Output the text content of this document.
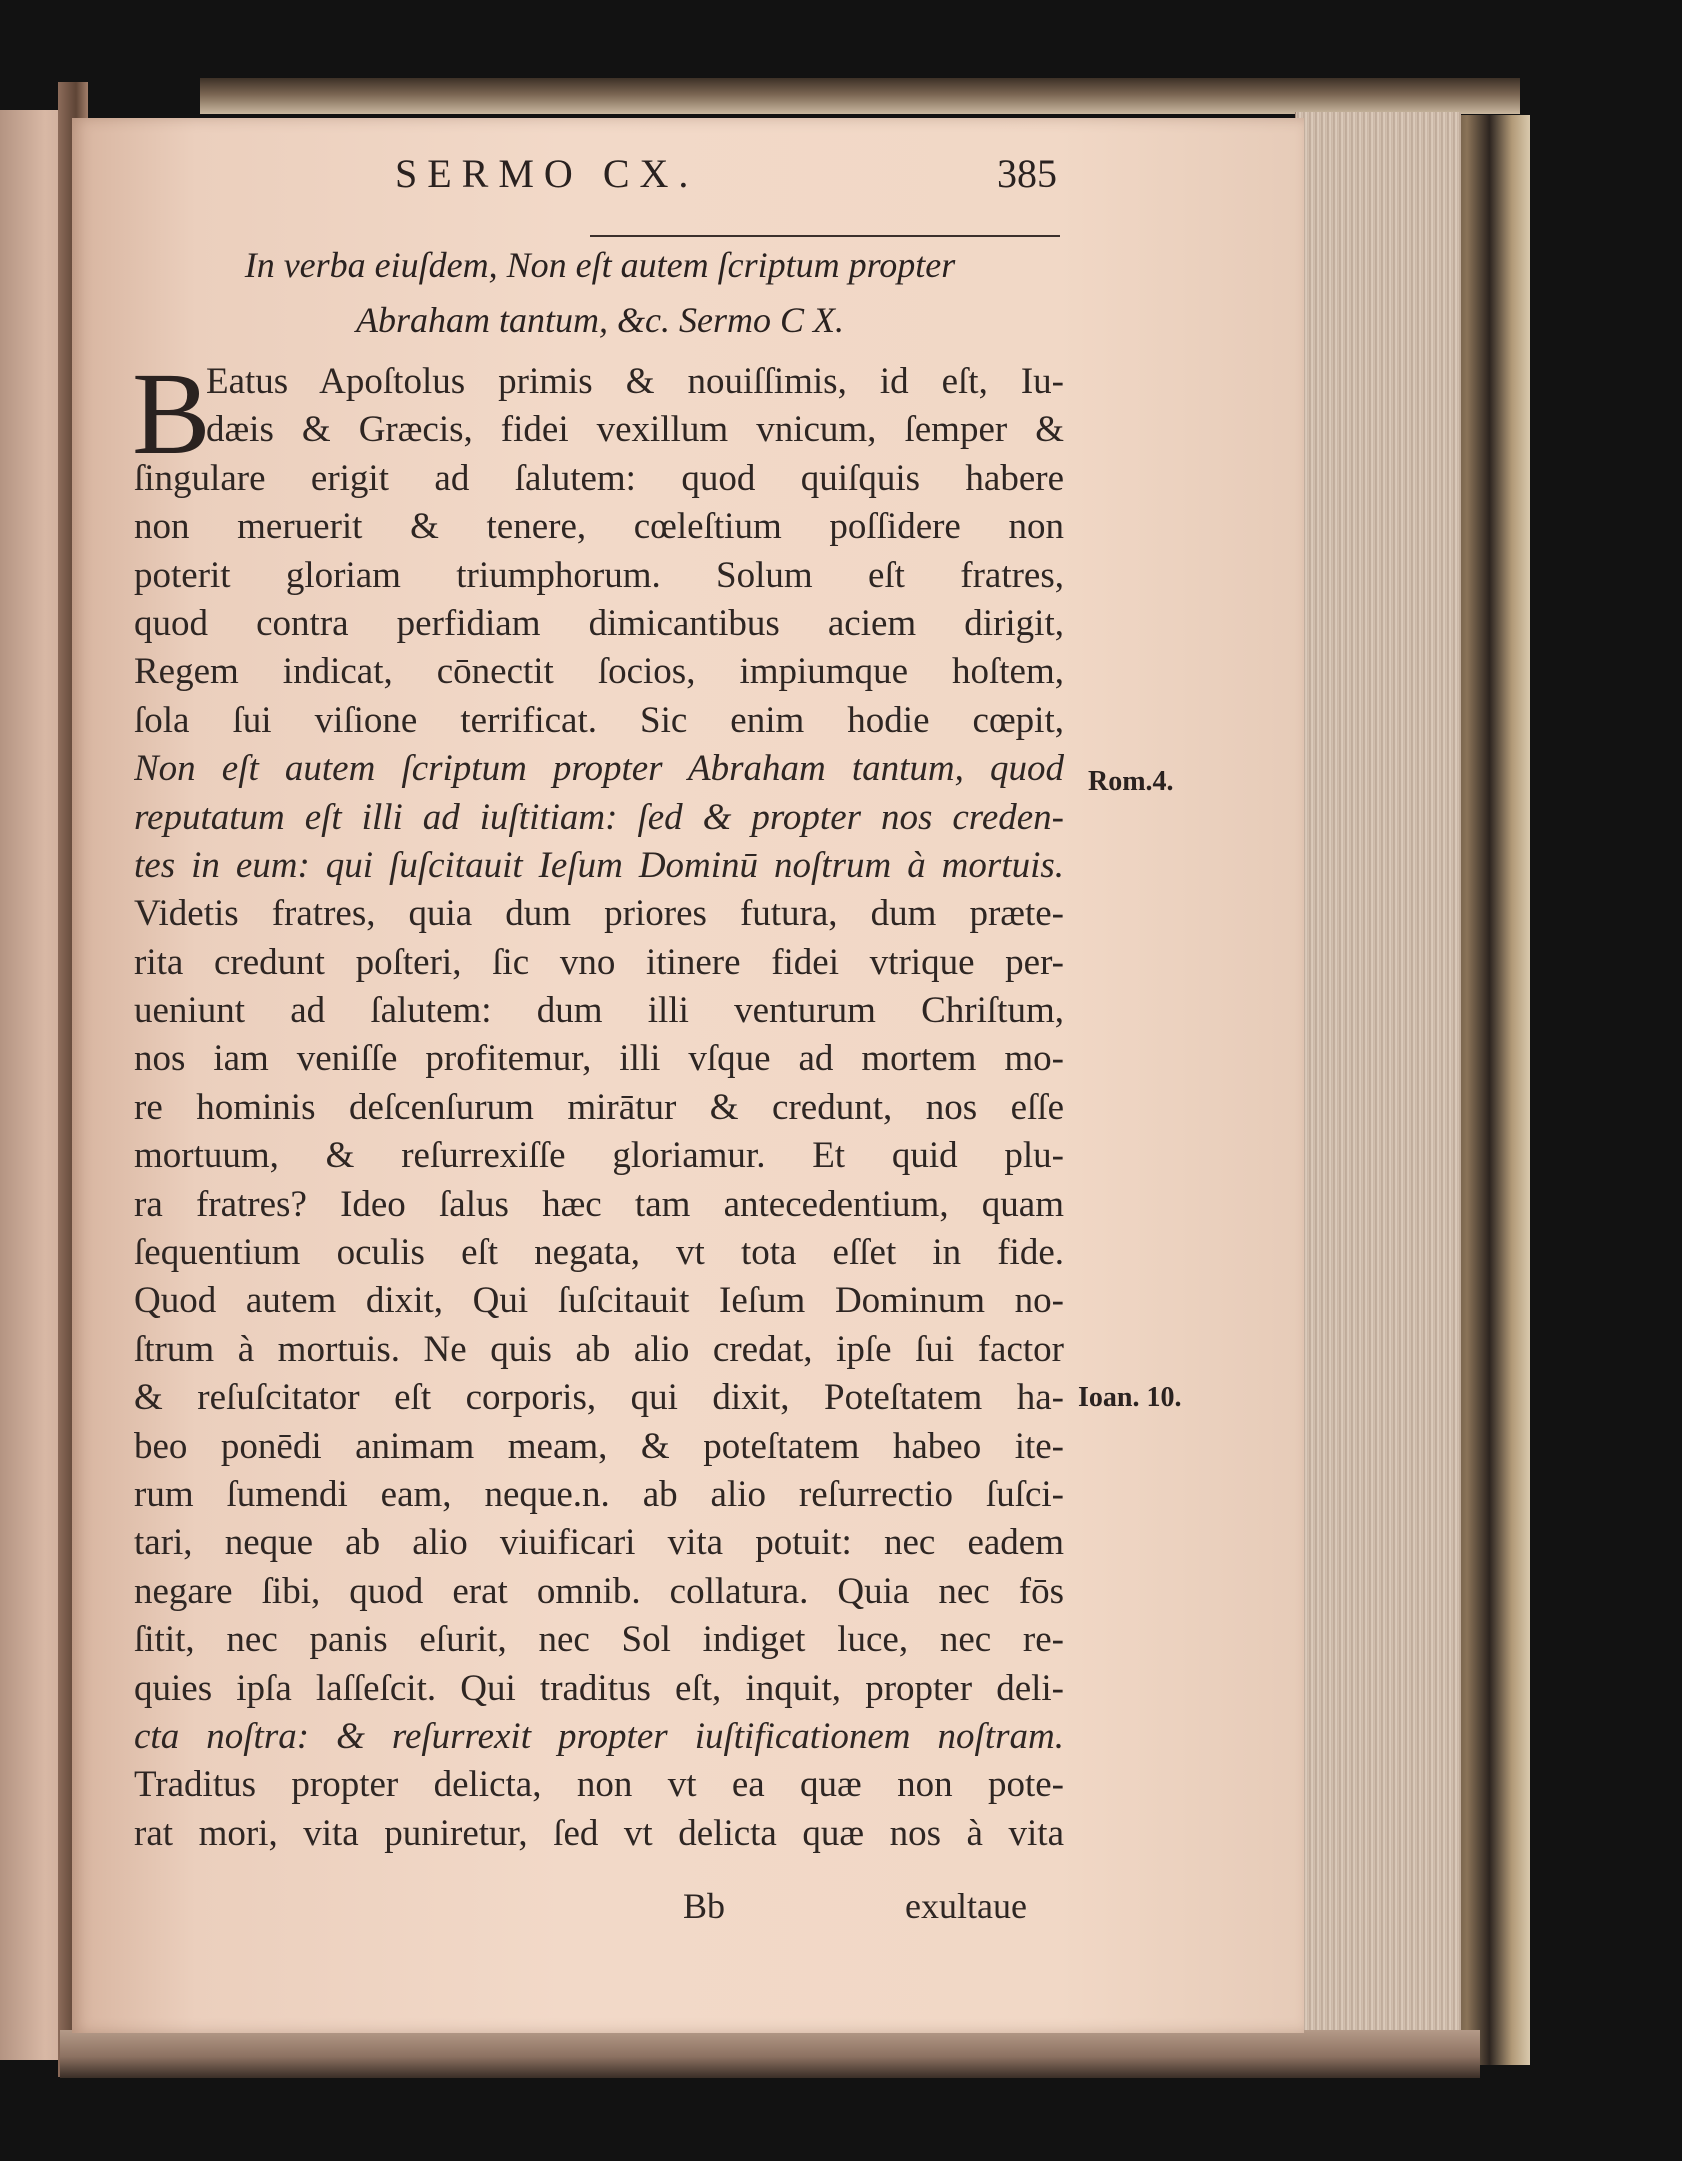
SERMO CX.	385
In verba eiuſdem, Non eſt autem ſcriptum propter
Abraham tantum, &c. Sermo C X.
B
Eatus Apoſtolus primis & nouiſſimis, id eſt, Iu-
dæis & Græcis, fidei vexillum vnicum, ſemper &
ſingulare erigit ad ſalutem: quod quiſquis habere
non meruerit & tenere, cœleſtium poſſidere non
poterit gloriam triumphorum. Solum eſt fratres,
quod contra perfidiam dimicantibus aciem dirigit,
Regem indicat, cōnectit ſocios, impiumque hoſtem,
ſola ſui viſione terrificat. Sic enim hodie cœpit,
Non eſt autem ſcriptum propter Abraham tantum, quod
reputatum eſt illi ad iuſtitiam: ſed & propter nos creden-
tes in eum: qui ſuſcitauit Ieſum Dominū noſtrum à mortuis.
Videtis fratres, quia dum priores futura, dum præte-
rita credunt poſteri, ſic vno itinere fidei vtrique per-
ueniunt ad ſalutem: dum illi venturum Chriſtum,
nos iam veniſſe profitemur, illi vſque ad mortem mo-
re hominis deſcenſurum mirātur & credunt, nos eſſe
mortuum, & reſurrexiſſe gloriamur. Et quid plu-
ra fratres? Ideo ſalus hæc tam antecedentium, quam
ſequentium oculis eſt negata, vt tota eſſet in fide.
Quod autem dixit, Qui ſuſcitauit Ieſum Dominum no-
ſtrum à mortuis. Ne quis ab alio credat, ipſe ſui factor
& reſuſcitator eſt corporis, qui dixit, Poteſtatem ha-
beo ponēdi animam meam, & poteſtatem habeo ite-
rum ſumendi eam, neque.n. ab alio reſurrectio ſuſci-
tari, neque ab alio viuificari vita potuit: nec eadem
negare ſibi, quod erat omnib. collatura. Quia nec fōs
ſitit, nec panis eſurit, nec Sol indiget luce, nec re-
quies ipſa laſſeſcit. Qui traditus eſt, inquit, propter deli-
cta noſtra: & reſurrexit propter iuſtificationem noſtram.
Traditus propter delicta, non vt ea quæ non pote-
rat mori, vita puniretur, ſed vt delicta quæ nos à vita
Bb	exultaue
Rom.4.
Ioan. 10.
